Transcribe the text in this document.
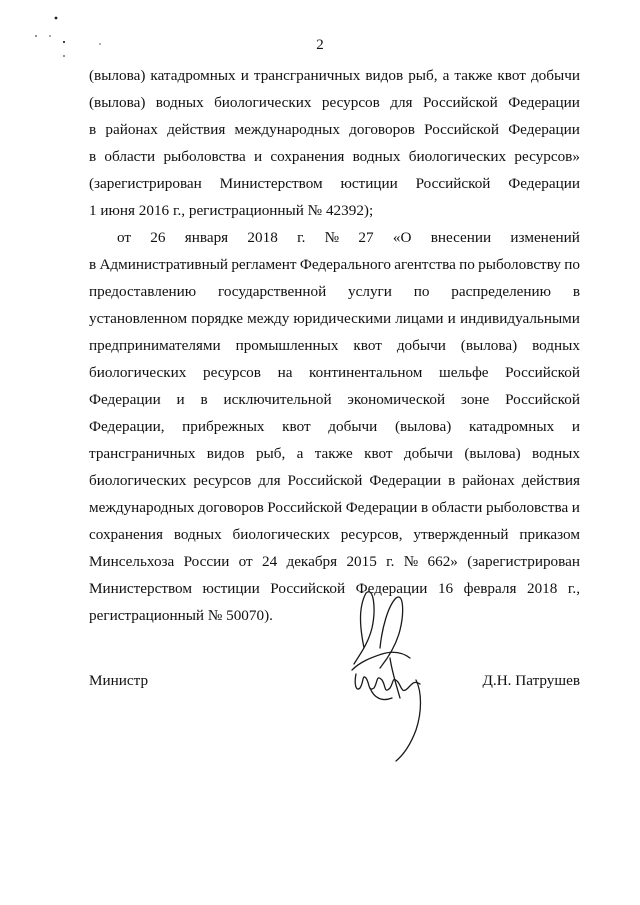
2
(вылова) катадромных и трансграничных видов рыб, а также квот добычи
(вылова) водных биологических ресурсов для Российской Федерации
в районах действия международных договоров Российской Федерации
в области рыболовства и сохранения водных биологических ресурсов»
(зарегистрирован Министерством юстиции Российской Федерации
1 июня 2016 г., регистрационный № 42392);
от 26 января 2018 г. № 27 «О внесении изменений
в Административный регламент Федерального агентства по рыболовству по
предоставлению государственной услуги по распределению в
установленном порядке между юридическими лицами и индивидуальными
предпринимателями промышленных квот добычи (вылова) водных
биологических ресурсов на континентальном шельфе Российской
Федерации и в исключительной экономической зоне Российской
Федерации, прибрежных квот добычи (вылова) катадромных и
трансграничных видов рыб, а также квот добычи (вылова) водных
биологических ресурсов для Российской Федерации в районах действия
международных договоров Российской Федерации в области рыболовства и
сохранения водных биологических ресурсов, утвержденный приказом
Минсельхоза России от 24 декабря 2015 г. № 662» (зарегистрирован
Министерством юстиции Российской Федерации 16 февраля 2018 г.,
регистрационный № 50070).
Министр	Д.Н. Патрушев
